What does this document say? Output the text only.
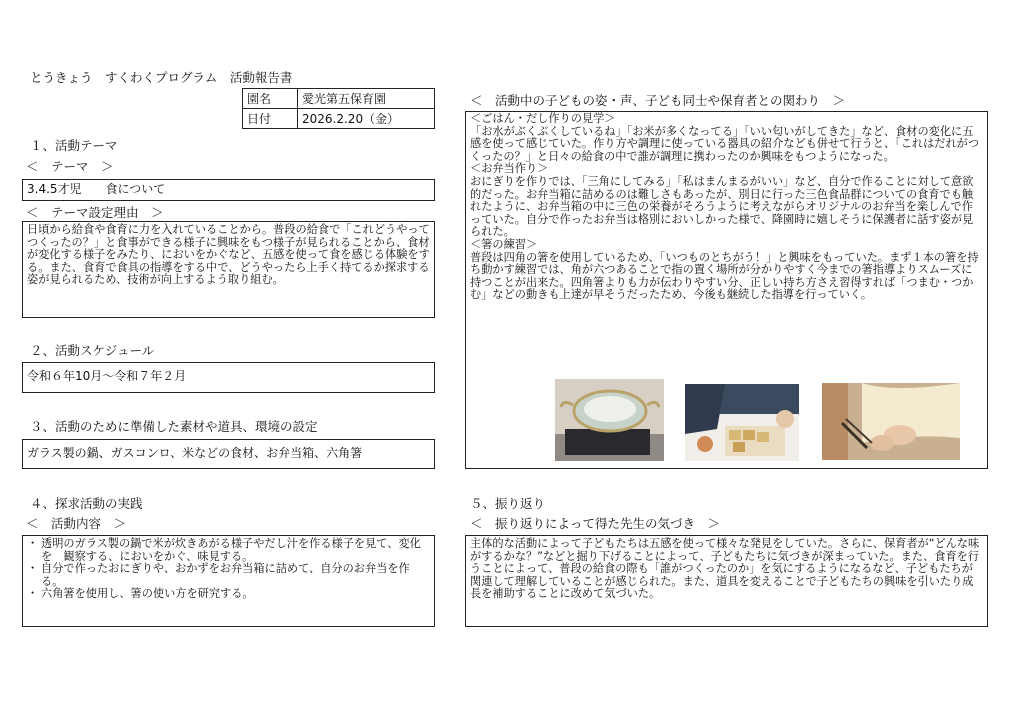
とうきょう　すくわくプログラム　活動報告書
園名	愛光第五保育園
日付	2026.2.20（金）
１、活動テーマ
＜　テーマ　＞
3.4.5才児　　食について
＜　テーマ設定理由　＞
日頃から給食や食育に力を入れていることから。普段の給食で「これどうやってつくったの？」と食事ができる様子に興味をもつ様子が見られることから、食材が変化する様子をみたり、においをかぐなど、五感を使って食を感じる体験をする。また、食育で食具の指導をする中で、どうやったら上手く持てるか探求する姿が見られるため、技術が向上するよう取り組む。
２、活動スケジュール
令和６年10月～令和７年２月
３、活動のために準備した素材や道具、環境の設定
ガラス製の鍋、ガスコンロ、米などの食材、お弁当箱、六角箸
４、探求活動の実践
＜　活動内容　＞
・ 透明のガラス製の鍋で米が炊きあがる様子やだし汁を作る様子を見て、変化を　観察する、においをかぐ、味見する。
・ 自分で作ったおにぎりや、おかずをお弁当箱に詰めて、自分のお弁当を作る。
・ 六角箸を使用し、箸の使い方を研究する。
＜　活動中の子どもの姿・声、子ども同士や保育者との関わり　＞
＜ごはん・だし作りの見学＞
「お水がぶくぶくしているね」「お米が多くなってる」「いい匂いがしてきた」など、食材の変化に五感を使って感じていた。作り方や調理に使っている器具の紹介なども併せて行うと、「これはだれがつくったの？」と日々の給食の中で誰が調理に携わったのか興味をもつようになった。
＜お弁当作り＞
おにぎりを作りでは、「三角にしてみる」「私はまんまるがいい」など、自分で作ることに対して意欲的だった。お弁当箱に詰めるのは難しさもあったが、別日に行った三色食品群についての食育でも触れたように、お弁当箱の中に三色の栄養がそろうように考えながらオリジナルのお弁当を楽しんで作っていた。自分で作ったお弁当は格別においしかった様で、降園時に嬉しそうに保護者に話す姿が見られた。
＜箸の練習＞
普段は四角の箸を使用しているため、「いつものとちがう！」と興味をもっていた。まず１本の箸を持ち動かす練習では、角が六つあることで指の置く場所が分かりやすく今までの箸指導よりスムーズに持つことが出来た。四角箸よりも力が伝わりやすい分、正しい持ち方さえ習得すれば「つまむ・つかむ」などの動きも上達が早そうだったため、今後も継続した指導を行っていく。
５、振り返り
＜　振り返りによって得た先生の気づき　＞
主体的な活動によって子どもたちは五感を使って様々な発見をしていた。さらに、保育者が“どんな味がするかな？”などと掘り下げることによって、子どもたちに気づきが深まっていた。また、食育を行うことによって、普段の給食の際も「誰がつくったのか」を気にするようになるなど、子どもたちが関連して理解していることが感じられた。また、道具を変えることで子どもたちの興味を引いたり成長を補助することに改めて気づいた。
